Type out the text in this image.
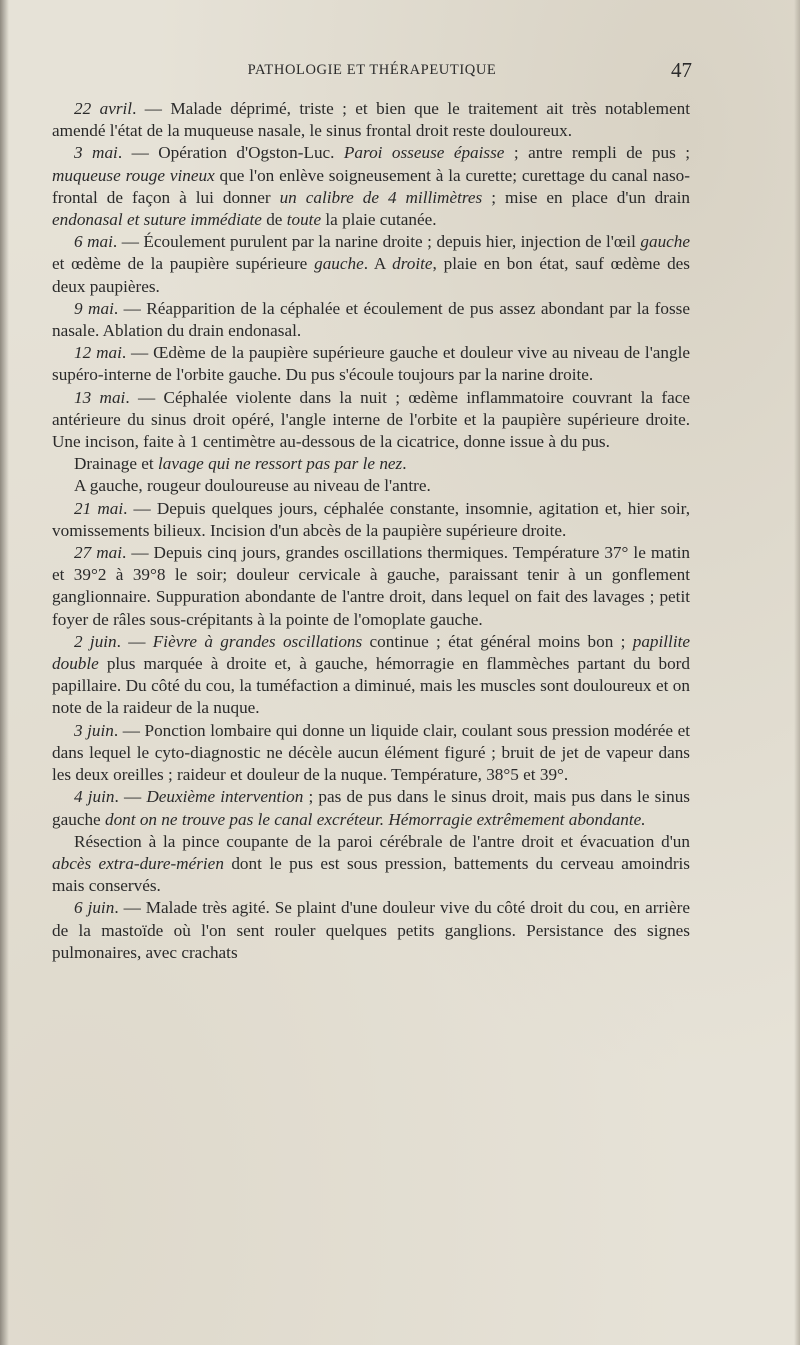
PATHOLOGIE ET THÉRAPEUTIQUE	47

22 avril. — Malade déprimé, triste ; et bien que le traitement ait très notablement amendé l'état de la muqueuse nasale, le sinus frontal droit reste douloureux.

3 mai. — Opération d'Ogston-Luc. Paroi osseuse épaisse ; antre rempli de pus ; muqueuse rouge vineux que l'on enlève soigneusement à la curette; curettage du canal naso-frontal de façon à lui donner un calibre de 4 millimètres ; mise en place d'un drain endonasal et suture immédiate de toute la plaie cutanée.

6 mai. — Écoulement purulent par la narine droite ; depuis hier, injection de l'œil gauche et œdème de la paupière supérieure gauche. A droite, plaie en bon état, sauf œdème des deux paupières.

9 mai. — Réapparition de la céphalée et écoulement de pus assez abondant par la fosse nasale. Ablation du drain endonasal.

12 mai. — Œdème de la paupière supérieure gauche et douleur vive au niveau de l'angle supéro-interne de l'orbite gauche. Du pus s'écoule toujours par la narine droite.

13 mai. — Céphalée violente dans la nuit ; œdème inflammatoire couvrant la face antérieure du sinus droit opéré, l'angle interne de l'orbite et la paupière supérieure droite. Une incison, faite à 1 centimètre au-dessous de la cicatrice, donne issue à du pus.

Drainage et lavage qui ne ressort pas par le nez.

A gauche, rougeur douloureuse au niveau de l'antre.

21 mai. — Depuis quelques jours, céphalée constante, insomnie, agitation et, hier soir, vomissements bilieux. Incision d'un abcès de la paupière supérieure droite.

27 mai. — Depuis cinq jours, grandes oscillations thermiques. Température 37° le matin et 39°2 à 39°8 le soir; douleur cervicale à gauche, paraissant tenir à un gonflement ganglionnaire. Suppuration abondante de l'antre droit, dans lequel on fait des lavages ; petit foyer de râles sous-crépitants à la pointe de l'omoplate gauche.

2 juin. — Fièvre à grandes oscillations continue ; état général moins bon ; papillite double plus marquée à droite et, à gauche, hémorragie en flammèches partant du bord papillaire. Du côté du cou, la tuméfaction a diminué, mais les muscles sont douloureux et on note de la raideur de la nuque.

3 juin. — Ponction lombaire qui donne un liquide clair, coulant sous pression modérée et dans lequel le cyto-diagnostic ne décèle aucun élément figuré ; bruit de jet de vapeur dans les deux oreilles ; raideur et douleur de la nuque. Température, 38°5 et 39°.

4 juin. — Deuxième intervention ; pas de pus dans le sinus droit, mais pus dans le sinus gauche dont on ne trouve pas le canal excréteur. Hémorragie extrêmement abondante.

Résection à la pince coupante de la paroi cérébrale de l'antre droit et évacuation d'un abcès extra-dure-mérien dont le pus est sous pression, battements du cerveau amoindris mais conservés.

6 juin. — Malade très agité. Se plaint d'une douleur vive du côté droit du cou, en arrière de la mastoïde où l'on sent rouler quelques petits ganglions. Persistance des signes pulmonaires, avec crachats
